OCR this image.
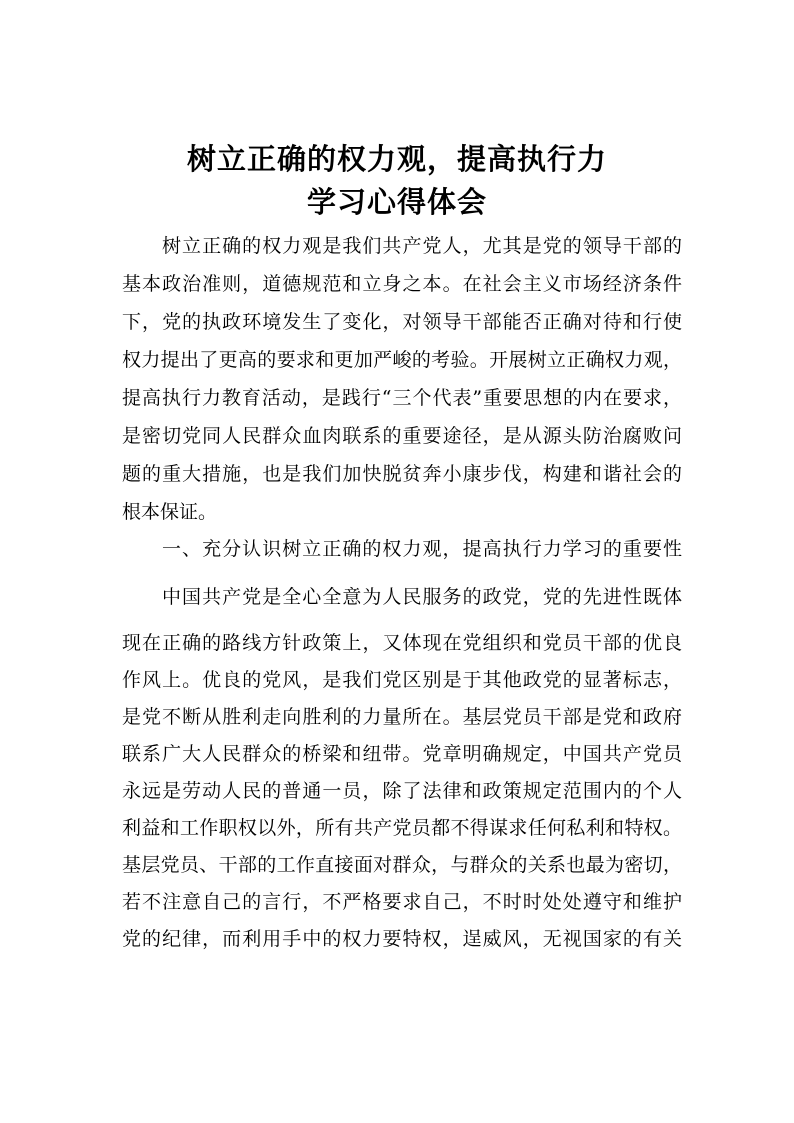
树立正确的权力观，提高执行力
学习心得体会
树立正确的权力观是我们共产党人，尤其是党的领导干部的
基本政治准则，道德规范和立身之本。在社会主义市场经济条件
下，党的执政环境发生了变化，对领导干部能否正确对待和行使
权力提出了更高的要求和更加严峻的考验。开展树立正确权力观，
提高执行力教育活动，是践行“三个代表”重要思想的内在要求，
是密切党同人民群众血肉联系的重要途径，是从源头防治腐败问
题的重大措施，也是我们加快脱贫奔小康步伐，构建和谐社会的
根本保证。
一、充分认识树立正确的权力观，提高执行力学习的重要性
中国共产党是全心全意为人民服务的政党，党的先进性既体
现在正确的路线方针政策上，又体现在党组织和党员干部的优良
作风上。优良的党风，是我们党区别是于其他政党的显著标志，
是党不断从胜利走向胜利的力量所在。基层党员干部是党和政府
联系广大人民群众的桥梁和纽带。党章明确规定，中国共产党员
永远是劳动人民的普通一员，除了法律和政策规定范围内的个人
利益和工作职权以外，所有共产党员都不得谋求任何私利和特权。
基层党员、干部的工作直接面对群众，与群众的关系也最为密切，
若不注意自己的言行，不严格要求自己，不时时处处遵守和维护
党的纪律，而利用手中的权力要特权，逞威风，无视国家的有关
